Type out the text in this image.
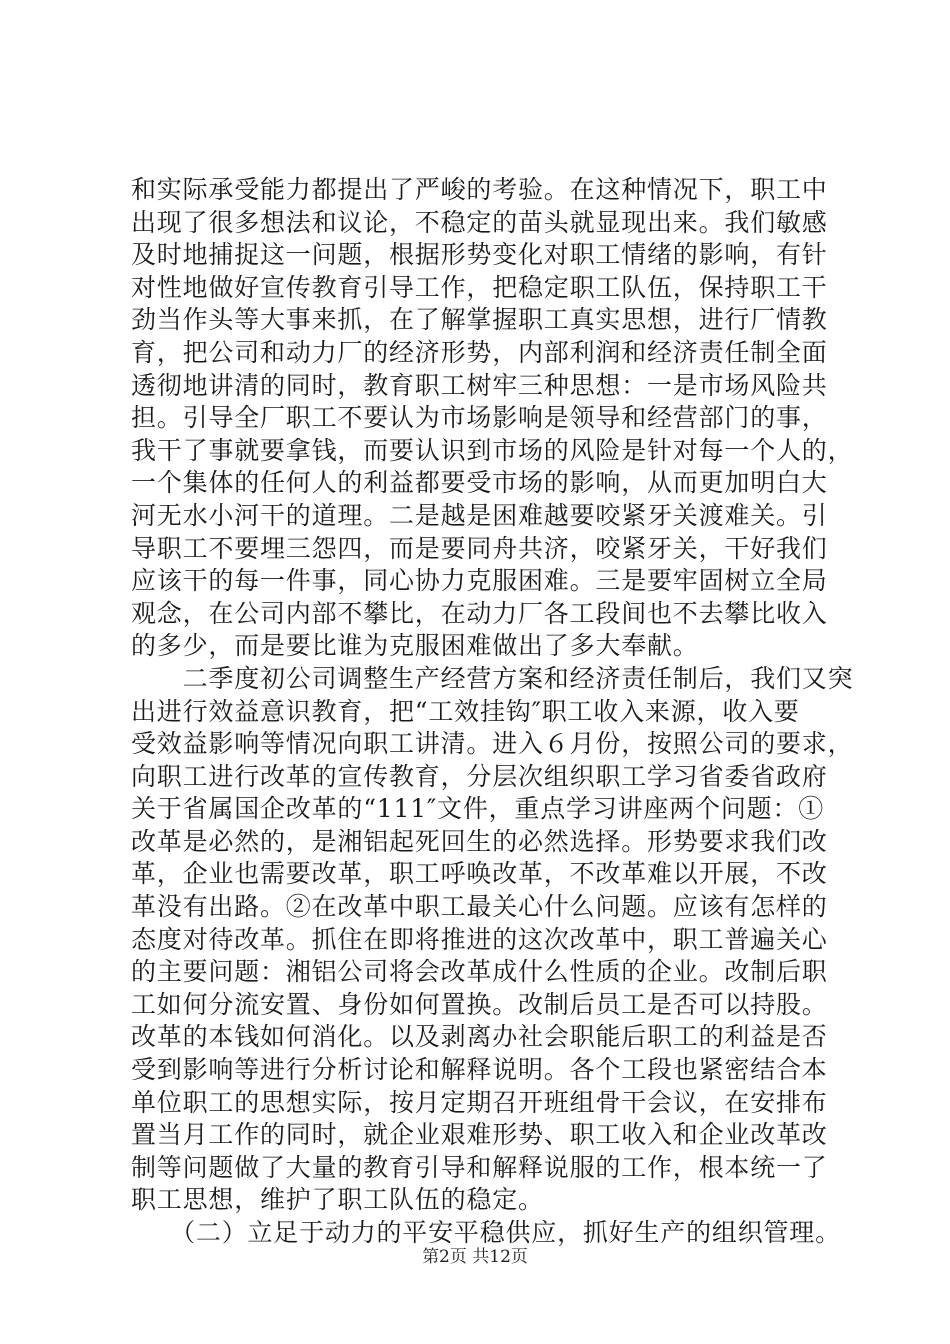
和实际承受能力都提出了严峻的考验。在这种情况下，职工中
出现了很多想法和议论，不稳定的苗头就显现出来。我们敏感
及时地捕捉这一问题，根据形势变化对职工情绪的影响，有针
对性地做好宣传教育引导工作，把稳定职工队伍，保持职工干
劲当作头等大事来抓，在了解掌握职工真实思想，进行厂情教
育，把公司和动力厂的经济形势，内部利润和经济责任制全面
透彻地讲清的同时，教育职工树牢三种思想：一是市场风险共
担。引导全厂职工不要认为市场影响是领导和经营部门的事，
我干了事就要拿钱，而要认识到市场的风险是针对每一个人的，
一个集体的任何人的利益都要受市场的影响，从而更加明白大
河无水小河干的道理。二是越是困难越要咬紧牙关渡难关。引
导职工不要埋三怨四，而是要同舟共济，咬紧牙关，干好我们
应该干的每一件事，同心协力克服困难。三是要牢固树立全局
观念，在公司内部不攀比，在动力厂各工段间也不去攀比收入
的多少，而是要比谁为克服困难做出了多大奉献。
　　二季度初公司调整生产经营方案和经济责任制后，我们又突
出进行效益意识教育，把“工效挂钩″职工收入来源，收入要
受效益影响等情况向职工讲清。进入６月份，按照公司的要求，
向职工进行改革的宣传教育，分层次组织职工学习省委省政府
关于省属国企改革的“111″文件，重点学习讲座两个问题：①
改革是必然的，是湘铝起死回生的必然选择。形势要求我们改
革，企业也需要改革，职工呼唤改革，不改革难以开展，不改
革没有出路。②在改革中职工最关心什么问题。应该有怎样的
态度对待改革。抓住在即将推进的这次改革中，职工普遍关心
的主要问题：湘铝公司将会改革成什么性质的企业。改制后职
工如何分流安置、身份如何置换。改制后员工是否可以持股。
改革的本钱如何消化。以及剥离办社会职能后职工的利益是否
受到影响等进行分析讨论和解释说明。各个工段也紧密结合本
单位职工的思想实际，按月定期召开班组骨干会议，在安排布
置当月工作的同时，就企业艰难形势、职工收入和企业改革改
制等问题做了大量的教育引导和解释说服的工作，根本统一了
职工思想，维护了职工队伍的稳定。
　　（二）立足于动力的平安平稳供应，抓好生产的组织管理。
第2页 共12页
